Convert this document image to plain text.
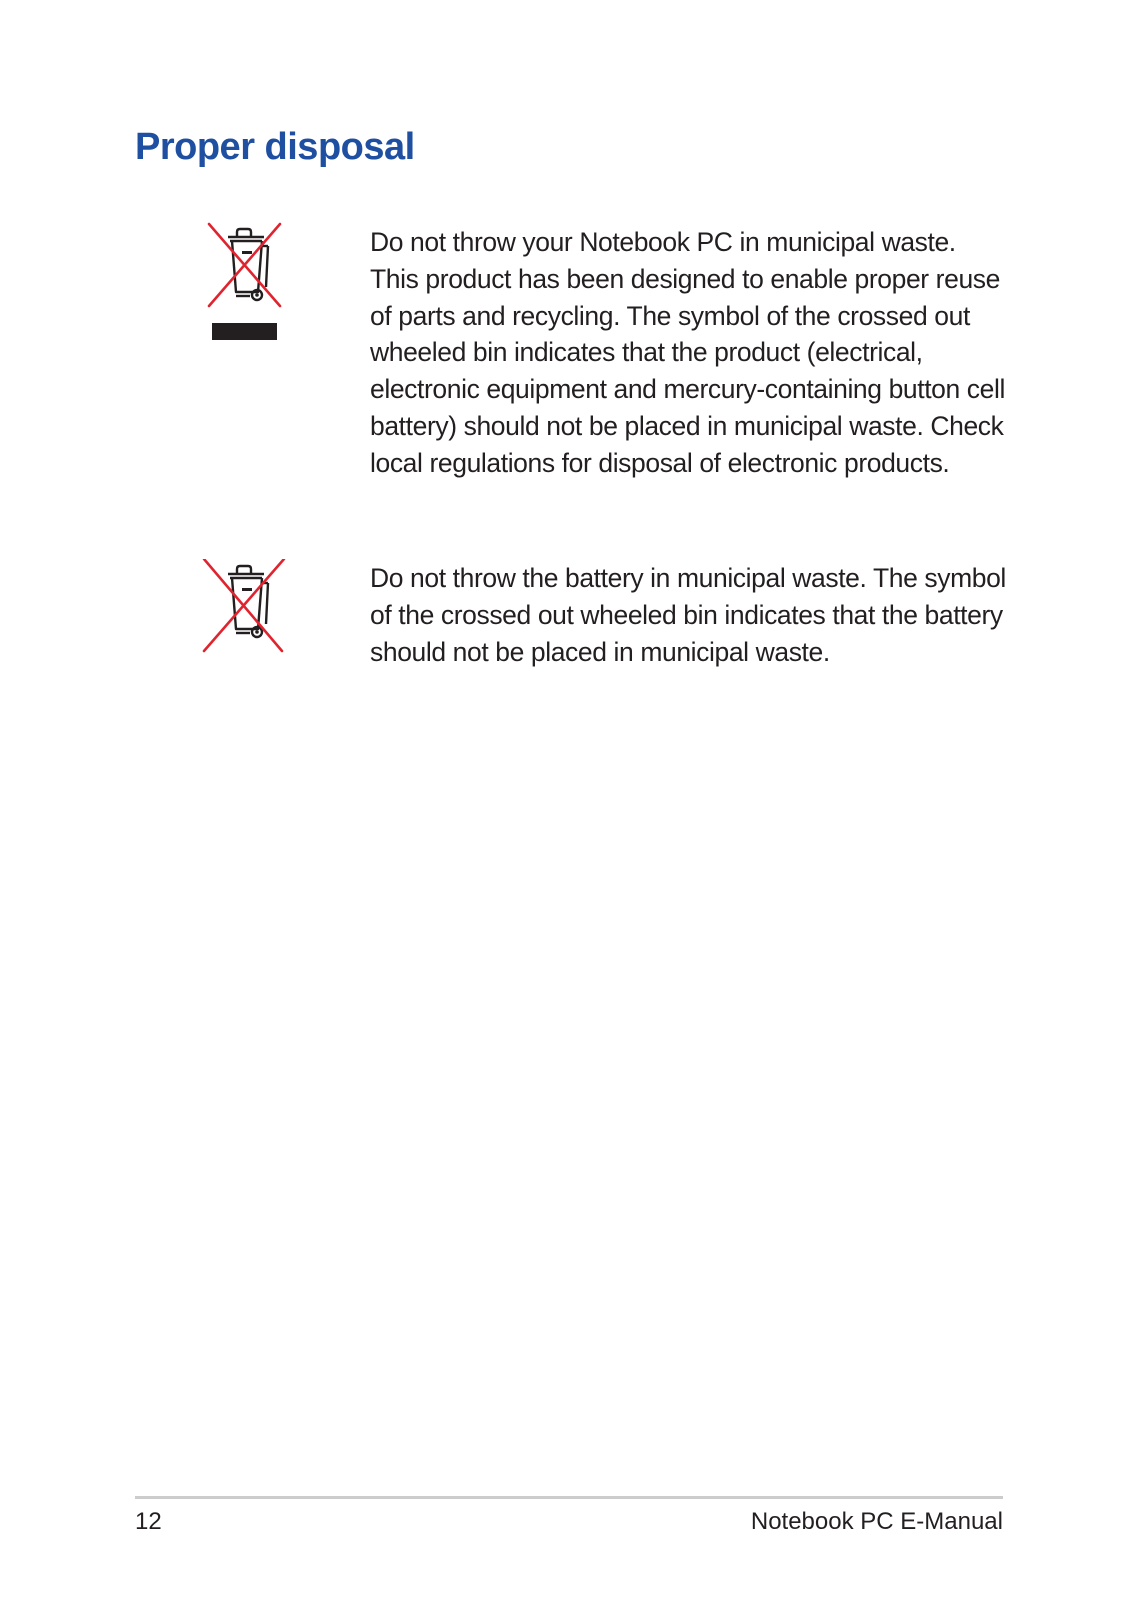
Proper disposal

Do not throw your Notebook PC in municipal waste. This product has been designed to enable proper reuse of parts and recycling. The symbol of the crossed out wheeled bin indicates that the product (electrical, electronic equipment and mercury-containing button cell battery) should not be placed in municipal waste. Check local regulations for disposal of electronic products.

Do not throw the battery in municipal waste. The symbol of the crossed out wheeled bin indicates that the battery should not be placed in municipal waste.

12	Notebook PC E-Manual
